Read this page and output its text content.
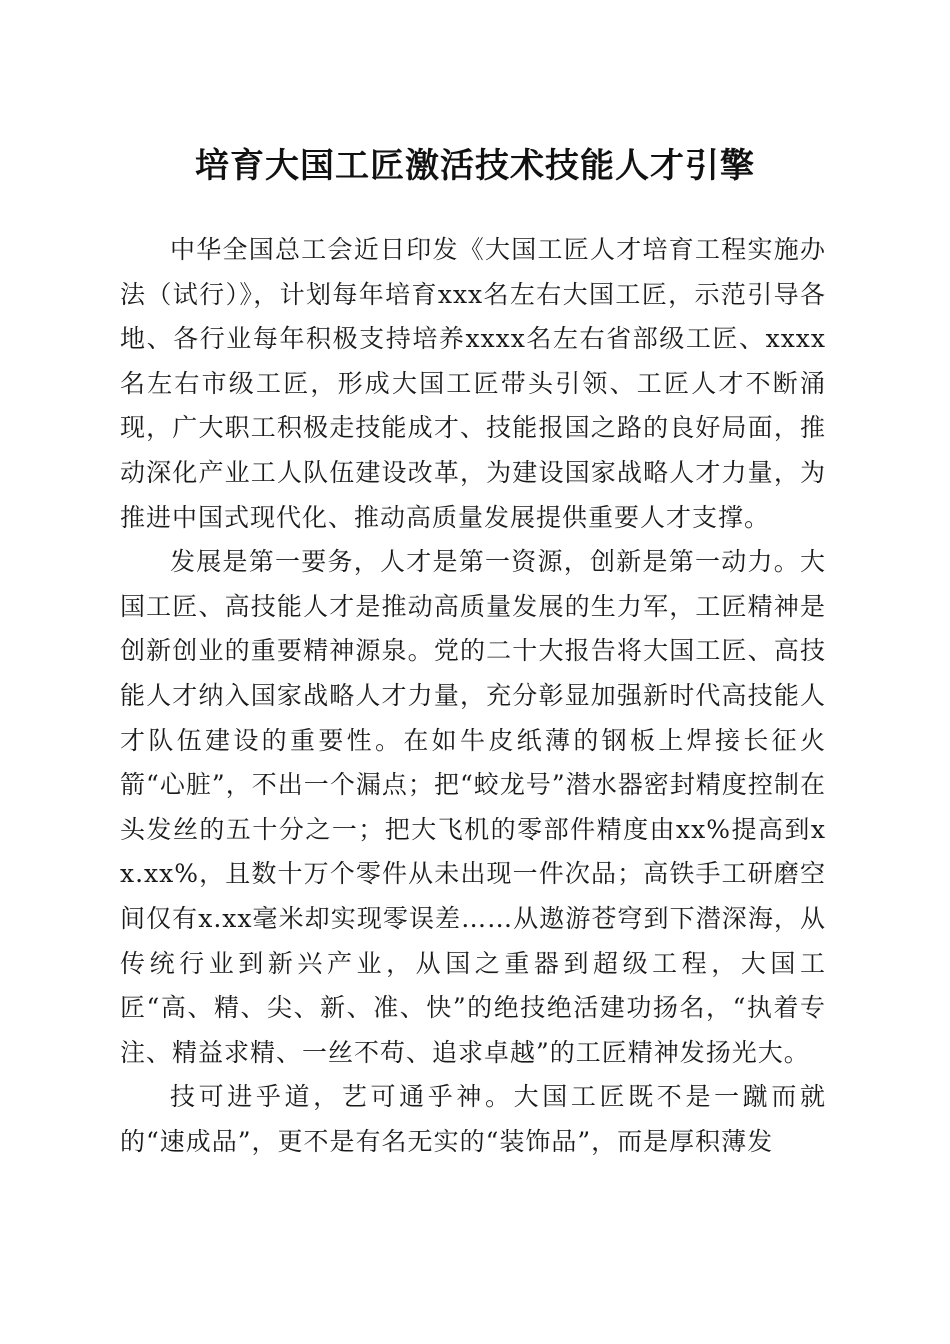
培育大国工匠激活技术技能人才引擎

中华全国总工会近日印发《大国工匠人才培育工程实施办法（试行）》，计划每年培育xxx名左右大国工匠，示范引导各地、各行业每年积极支持培养xxxx名左右省部级工匠、xxxx名左右市级工匠，形成大国工匠带头引领、工匠人才不断涌现，广大职工积极走技能成才、技能报国之路的良好局面，推动深化产业工人队伍建设改革，为建设国家战略人才力量，为推进中国式现代化、推动高质量发展提供重要人才支撑。

发展是第一要务，人才是第一资源，创新是第一动力。大国工匠、高技能人才是推动高质量发展的生力军，工匠精神是创新创业的重要精神源泉。党的二十大报告将大国工匠、高技能人才纳入国家战略人才力量，充分彰显加强新时代高技能人才队伍建设的重要性。在如牛皮纸薄的钢板上焊接长征火箭“心脏”，不出一个漏点；把“蛟龙号”潜水器密封精度控制在头发丝的五十分之一；把大飞机的零部件精度由xx%提高到xx.xx%，且数十万个零件从未出现一件次品；高铁手工研磨空间仅有x.xx毫米却实现零误差……从遨游苍穹到下潜深海，从传统行业到新兴产业，从国之重器到超级工程，大国工匠“高、精、尖、新、准、快”的绝技绝活建功扬名，“执着专注、精益求精、一丝不苟、追求卓越”的工匠精神发扬光大。

技可进乎道，艺可通乎神。大国工匠既不是一蹴而就的“速成品”，更不是有名无实的“装饰品”，而是厚积薄发
